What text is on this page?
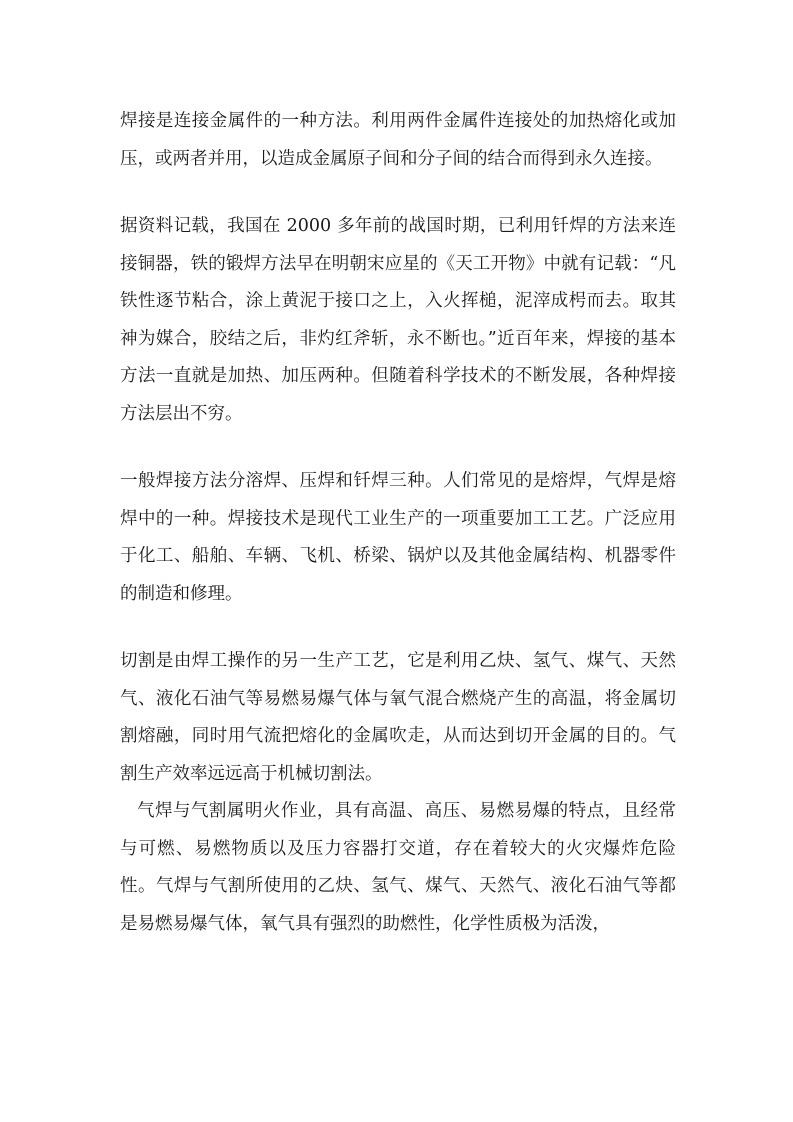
焊接是连接金属件的一种方法。利用两件金属件连接处的加热熔化或加压，或两者并用，以造成金属原子间和分子间的结合而得到永久连接。

据资料记载，我国在 2000 多年前的战国时期，已利用钎焊的方法来连接铜器，铁的锻焊方法早在明朝宋应星的《天工开物》中就有记载：“凡铁性逐节粘合，涂上黄泥于接口之上，入火挥槌，泥滓成枵而去。取其神为媒合，胶结之后，非灼红斧斩，永不断也。”近百年来，焊接的基本方法一直就是加热、加压两种。但随着科学技术的不断发展，各种焊接方法层出不穷。

一般焊接方法分溶焊、压焊和钎焊三种。人们常见的是熔焊，气焊是熔焊中的一种。焊接技术是现代工业生产的一项重要加工工艺。广泛应用于化工、船舶、车辆、飞机、桥梁、锅炉以及其他金属结构、机器零件的制造和修理。

切割是由焊工操作的另一生产工艺，它是利用乙炔、氢气、煤气、天然气、液化石油气等易燃易爆气体与氧气混合燃烧产生的高温，将金属切割熔融，同时用气流把熔化的金属吹走，从而达到切开金属的目的。气割生产效率远远高于机械切割法。

气焊与气割属明火作业，具有高温、高压、易燃易爆的特点，且经常与可燃、易燃物质以及压力容器打交道，存在着较大的火灾爆炸危险性。气焊与气割所使用的乙炔、氢气、煤气、天然气、液化石油气等都是易燃易爆气体，氧气具有强烈的助燃性，化学性质极为活泼，
